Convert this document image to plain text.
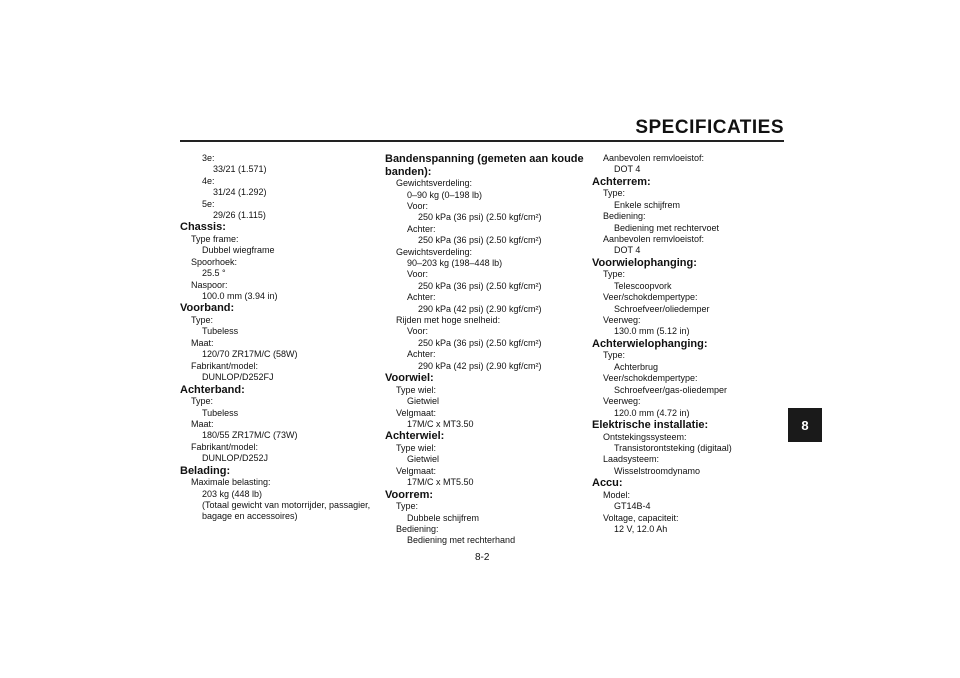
SPECIFICATIES
3e:
33/21 (1.571)
4e:
31/24 (1.292)
5e:
29/26 (1.115)
Chassis:
Type frame:
Dubbel wiegframe
Spoorhoek:
25.5 °
Naspoor:
100.0 mm (3.94 in)
Voorband:
Type:
Tubeless
Maat:
120/70 ZR17M/C (58W)
Fabrikant/model:
DUNLOP/D252FJ
Achterband:
Type:
Tubeless
Maat:
180/55 ZR17M/C (73W)
Fabrikant/model:
DUNLOP/D252J
Belading:
Maximale belasting:
203 kg (448 lb)
(Totaal gewicht van motorrijder, passagier,
bagage en accessoires)
Bandenspanning (gemeten aan koude banden):
Gewichtsverdeling:
0–90 kg (0–198 lb)
Voor:
250 kPa (36 psi) (2.50 kgf/cm²)
Achter:
250 kPa (36 psi) (2.50 kgf/cm²)
Gewichtsverdeling:
90–203 kg (198–448 lb)
Voor:
250 kPa (36 psi) (2.50 kgf/cm²)
Achter:
290 kPa (42 psi) (2.90 kgf/cm²)
Rijden met hoge snelheid:
Voor:
250 kPa (36 psi) (2.50 kgf/cm²)
Achter:
290 kPa (42 psi) (2.90 kgf/cm²)
Voorwiel:
Type wiel:
Gietwiel
Velgmaat:
17M/C x MT3.50
Achterwiel:
Type wiel:
Gietwiel
Velgmaat:
17M/C x MT5.50
Voorrem:
Type:
Dubbele schijfrem
Bediening:
Bediening met rechterhand
Aanbevolen remvloeistof:
DOT 4
Achterrem:
Type:
Enkele schijfrem
Bediening:
Bediening met rechtervoet
Aanbevolen remvloeistof:
DOT 4
Voorwielophanging:
Type:
Telescoopvork
Veer/schokdempertype:
Schroefveer/oliedemper
Veerweg:
130.0 mm (5.12 in)
Achterwielophanging:
Type:
Achterbrug
Veer/schokdempertype:
Schroefveer/gas-oliedemper
Veerweg:
120.0 mm (4.72 in)
Elektrische installatie:
Ontstekingssysteem:
Transistorontsteking (digitaal)
Laadsysteem:
Wisselstroomdynamo
Accu:
Model:
GT14B-4
Voltage, capaciteit:
12 V, 12.0 Ah
8
8-2
